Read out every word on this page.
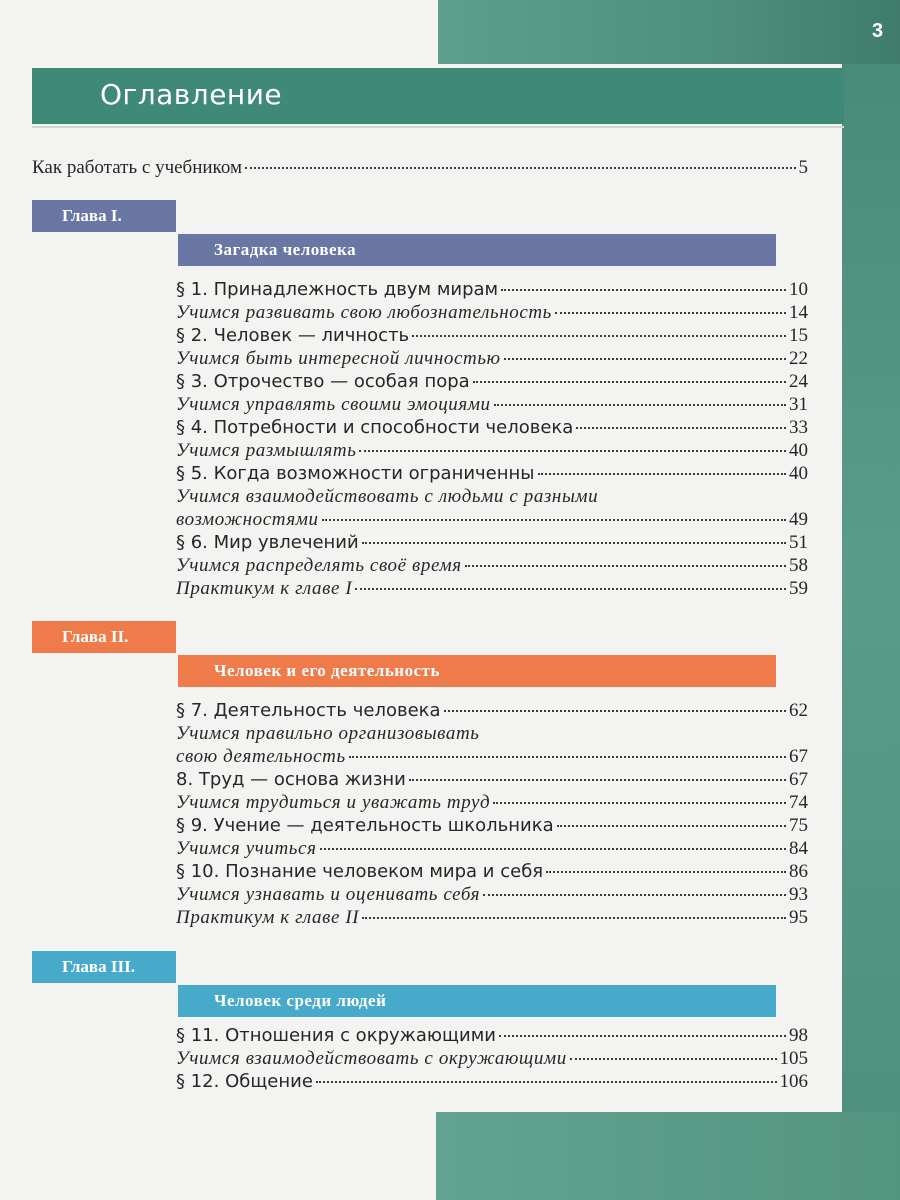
3
Оглавление
Как работать с учебником	5
Глава I.
Загадка человека
§ 1. Принадлежность двум мирам	10
Учимся развивать свою любознательность	14
§ 2. Человек — личность	15
Учимся быть интересной личностью	22
§ 3. Отрочество — особая пора	24
Учимся управлять своими эмоциями	31
§ 4. Потребности и способности человека	33
Учимся размышлять	40
§ 5. Когда возможности ограниченны	40
Учимся взаимодействовать с людьми с разными
возможностями	49
§ 6. Мир увлечений	51
Учимся распределять своё время	58
Практикум к главе I	59
Глава II.
Человек и его деятельность
§ 7. Деятельность человека	62
Учимся правильно организовывать
свою деятельность	67
8. Труд — основа жизни	67
Учимся трудиться и уважать труд	74
§ 9. Учение — деятельность школьника	75
Учимся учиться	84
§ 10. Познание человеком мира и себя	86
Учимся узнавать и оценивать себя	93
Практикум к главе II	95
Глава III.
Человек среди людей
§ 11. Отношения с окружающими	98
Учимся взаимодействовать с окружающими	105
§ 12. Общение	106
